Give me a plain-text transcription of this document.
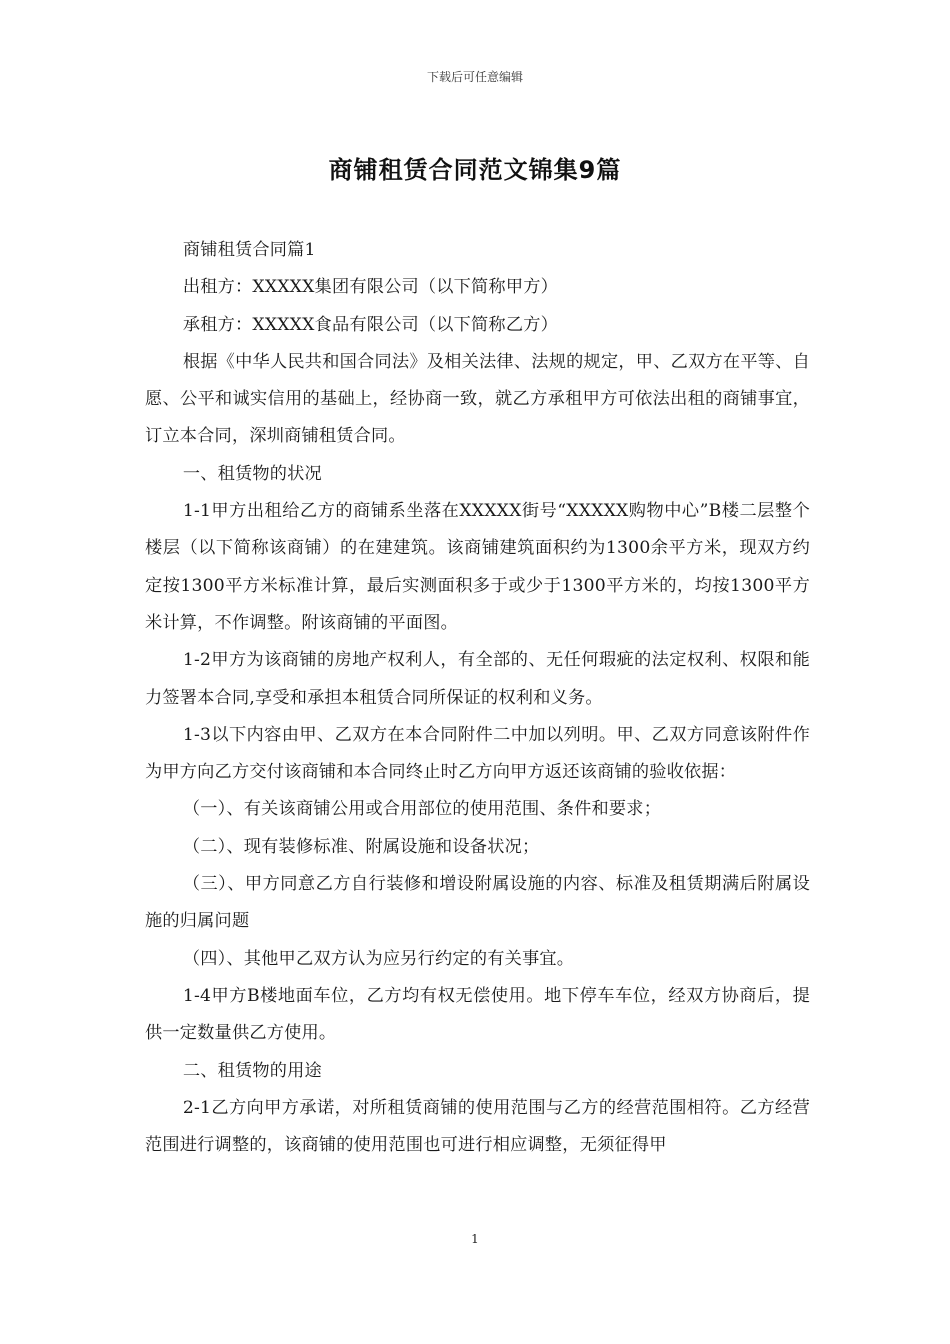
下载后可任意编辑
商铺租赁合同范文锦集9篇

商铺租赁合同篇1

出租方：XXXXX集团有限公司（以下简称甲方）

承租方：XXXXX食品有限公司（以下简称乙方）

根据《中华人民共和国合同法》及相关法律、法规的规定，甲、乙双方在平等、自愿、公平和诚实信用的基础上，经协商一致，就乙方承租甲方可依法出租的商铺事宜，订立本合同，深圳商铺租赁合同。

一、租赁物的状况

1-1甲方出租给乙方的商铺系坐落在XXXXX街号“XXXXX购物中心”B楼二层整个楼层（以下简称该商铺）的在建建筑。该商铺建筑面积约为1300余平方米，现双方约定按1300平方米标准计算，最后实测面积多于或少于1300平方米的，均按1300平方米计算，不作调整。附该商铺的平面图。

1-2甲方为该商铺的房地产权利人，有全部的、无任何瑕疵的法定权利、权限和能力签署本合同,享受和承担本租赁合同所保证的权利和义务。

1-3以下内容由甲、乙双方在本合同附件二中加以列明。甲、乙双方同意该附件作为甲方向乙方交付该商铺和本合同终止时乙方向甲方返还该商铺的验收依据：

（一）、有关该商铺公用或合用部位的使用范围、条件和要求；

（二）、现有装修标准、附属设施和设备状况；

（三）、甲方同意乙方自行装修和增设附属设施的内容、标准及租赁期满后附属设施的归属问题

（四）、其他甲乙双方认为应另行约定的有关事宜。

1-4甲方B楼地面车位，乙方均有权无偿使用。地下停车车位，经双方协商后，提供一定数量供乙方使用。

二、租赁物的用途

2-1乙方向甲方承诺，对所租赁商铺的使用范围与乙方的经营范围相符。乙方经营范围进行调整的，该商铺的使用范围也可进行相应调整，无须征得甲

1
